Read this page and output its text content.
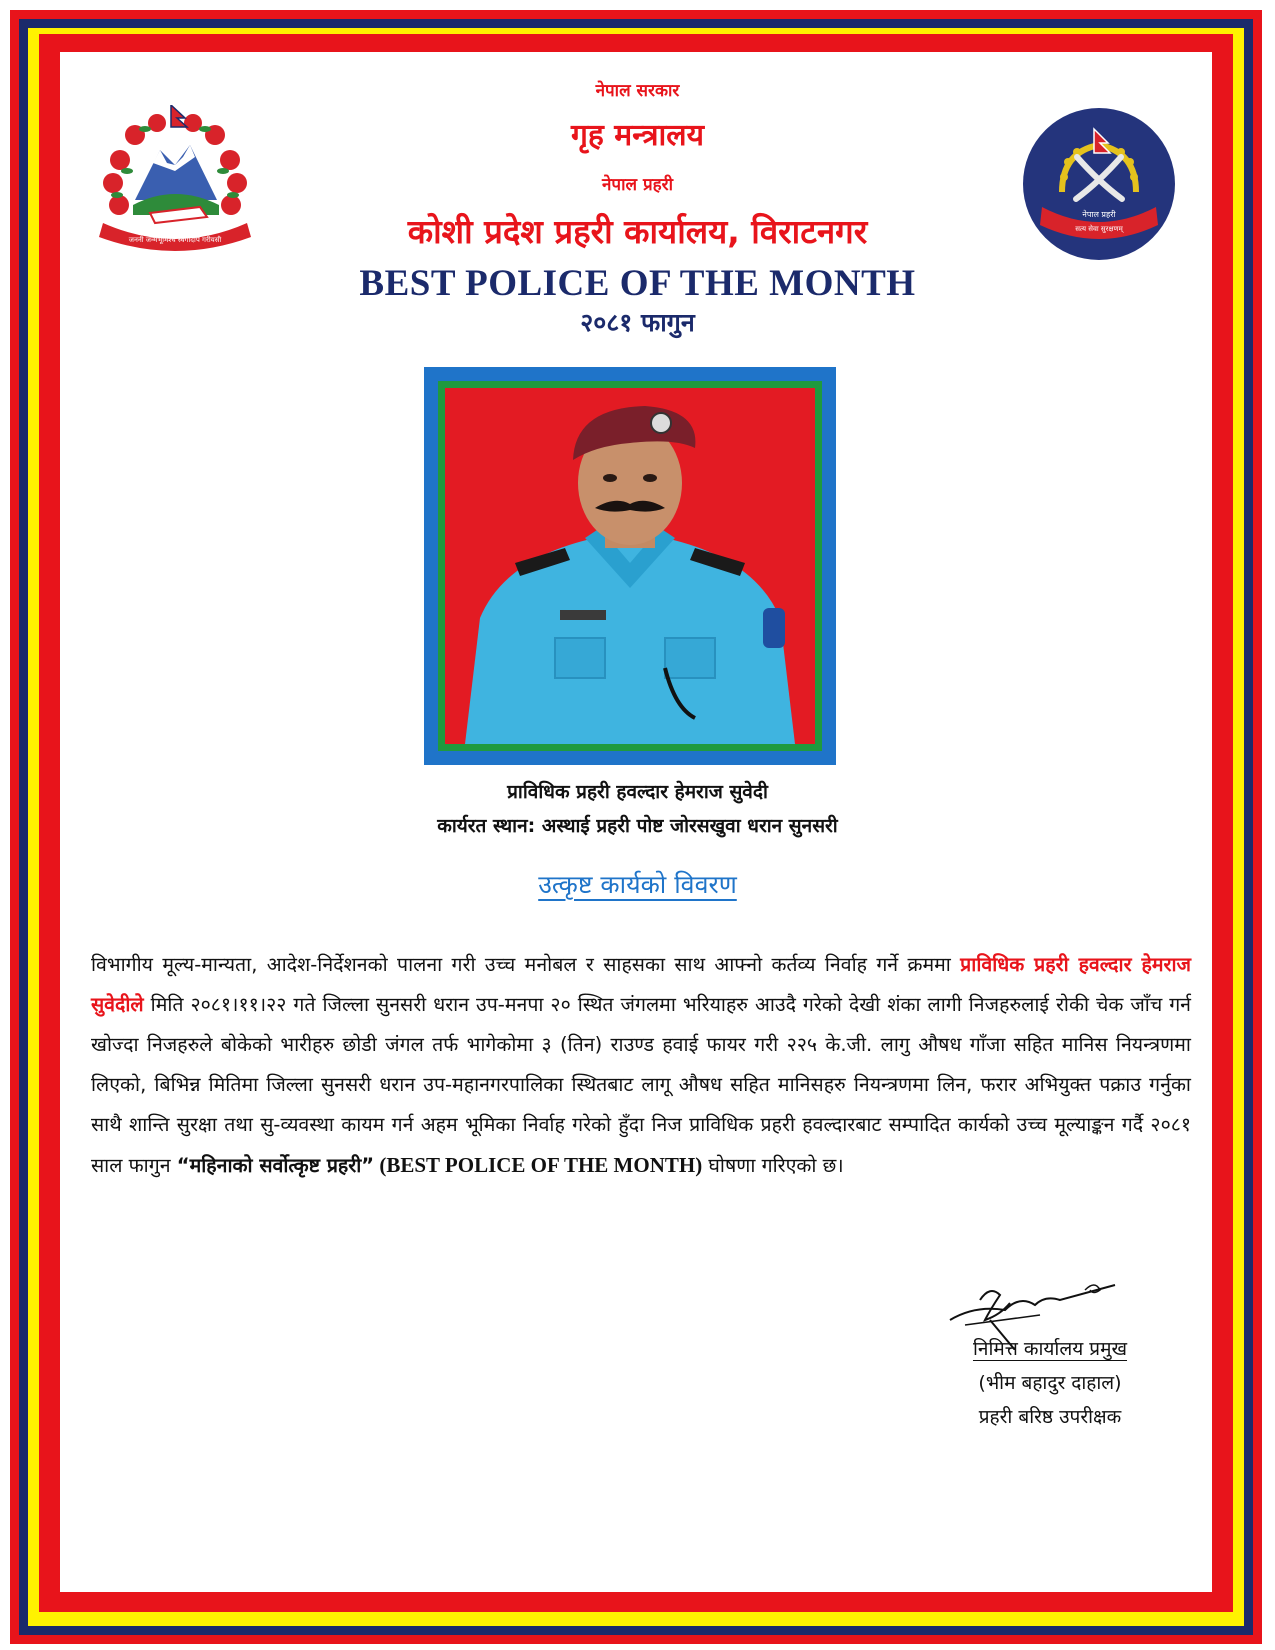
जननी जन्मभूमिश्च स्वर्गादपि गरीयसी
नेपाल प्रहरी
सत्य सेवा सुरक्षणम्
नेपाल सरकार
गृह मन्त्रालय
नेपाल प्रहरी
कोशी प्रदेश प्रहरी कार्यालय, विराटनगर
BEST POLICE OF THE MONTH
२०८१ फागुन
प्राविधिक प्रहरी हवल्दार हेमराज सुवेदी
कार्यरत स्थान: अस्थाई प्रहरी पोष्ट जोरसखुवा धरान सुनसरी
उत्कृष्ट कार्यको विवरण
विभागीय मूल्य-मान्यता, आदेश-निर्देशनको पालना गरी उच्च मनोबल र साहसका साथ आफ्नो कर्तव्य निर्वाह गर्ने क्रममा प्राविधिक प्रहरी हवल्दार हेमराज सुवेदीले मिति २०८१।११।२२ गते जिल्ला सुनसरी धरान उप-मनपा २० स्थित जंगलमा भरियाहरु आउदै गरेको देखी शंका लागी निजहरुलाई रोकी चेक जाँच गर्न खोज्दा निजहरुले बोकेको भारीहरु छोडी जंगल तर्फ भागेकोमा ३ (तिन) राउण्ड हवाई फायर गरी २२५ के.जी. लागु औषध गाँजा सहित मानिस नियन्त्रणमा लिएको, बिभिन्न मितिमा जिल्ला सुनसरी धरान उप-महानगरपालिका स्थितबाट लागू औषध सहित मानिसहरु नियन्त्रणमा लिन, फरार अभियुक्त पक्राउ गर्नुका साथै शान्ति सुरक्षा तथा सु-व्यवस्था कायम गर्न अहम भूमिका निर्वाह गरेको हुँदा निज प्राविधिक प्रहरी हवल्दारबाट सम्पादित कार्यको उच्च मूल्याङ्कन गर्दै २०८१ साल फागुन “महिनाको सर्वोत्कृष्ट प्रहरी” (BEST POLICE OF THE MONTH) घोषणा गरिएको छ।
निमित्त कार्यालय प्रमुख
(भीम बहादुर दाहाल)
प्रहरी बरिष्ठ उपरीक्षक
